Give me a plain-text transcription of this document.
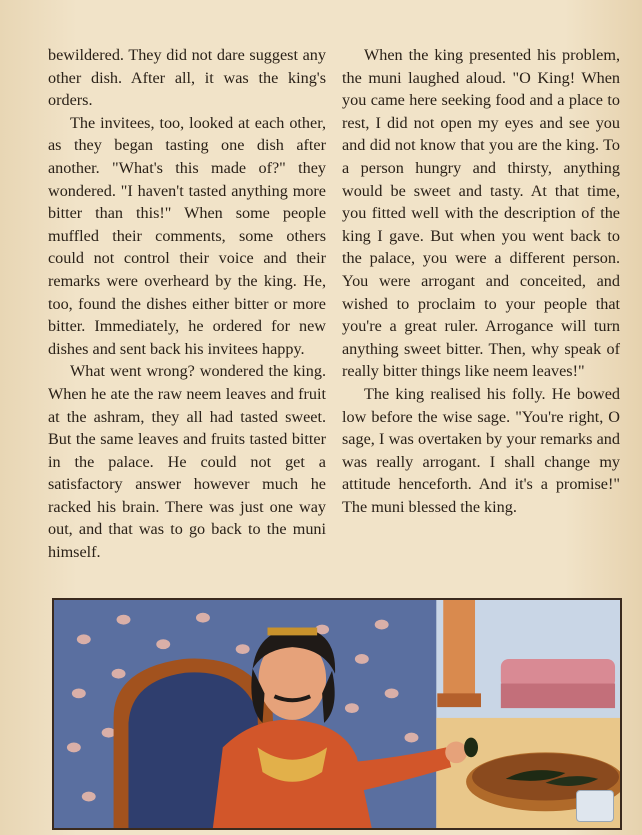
bewildered. They did not dare suggest any other dish. After all, it was the king's orders.

The invitees, too, looked at each other, as they began tasting one dish after another. "What's this made of?" they wondered. "I haven't tasted anything more bitter than this!" When some people muffled their comments, some others could not control their voice and their remarks were overheard by the king. He, too, found the dishes either bitter or more bitter. Immediately, he ordered for new dishes and sent back his invitees happy.

What went wrong? wondered the king. When he ate the raw neem leaves and fruit at the ashram, they all had tasted sweet. But the same leaves and fruits tasted bitter in the palace. He could not get a satisfactory answer however much he racked his brain. There was just one way out, and that was to go back to the muni himself.

When the king presented his problem, the muni laughed aloud. "O King! When you came here seeking food and a place to rest, I did not open my eyes and see you and did not know that you are the king. To a person hungry and thirsty, anything would be sweet and tasty. At that time, you fitted well with the description of the king I gave. But when you went back to the palace, you were a different person. You were arrogant and conceited, and wished to proclaim to your people that you're a great ruler. Arrogance will turn anything sweet bitter. Then, why speak of really bitter things like neem leaves!"

The king realised his folly. He bowed low before the wise sage. "You're right, O sage, I was overtaken by your remarks and was really arrogant. I shall change my attitude henceforth. And it's a promise!" The muni blessed the king.
